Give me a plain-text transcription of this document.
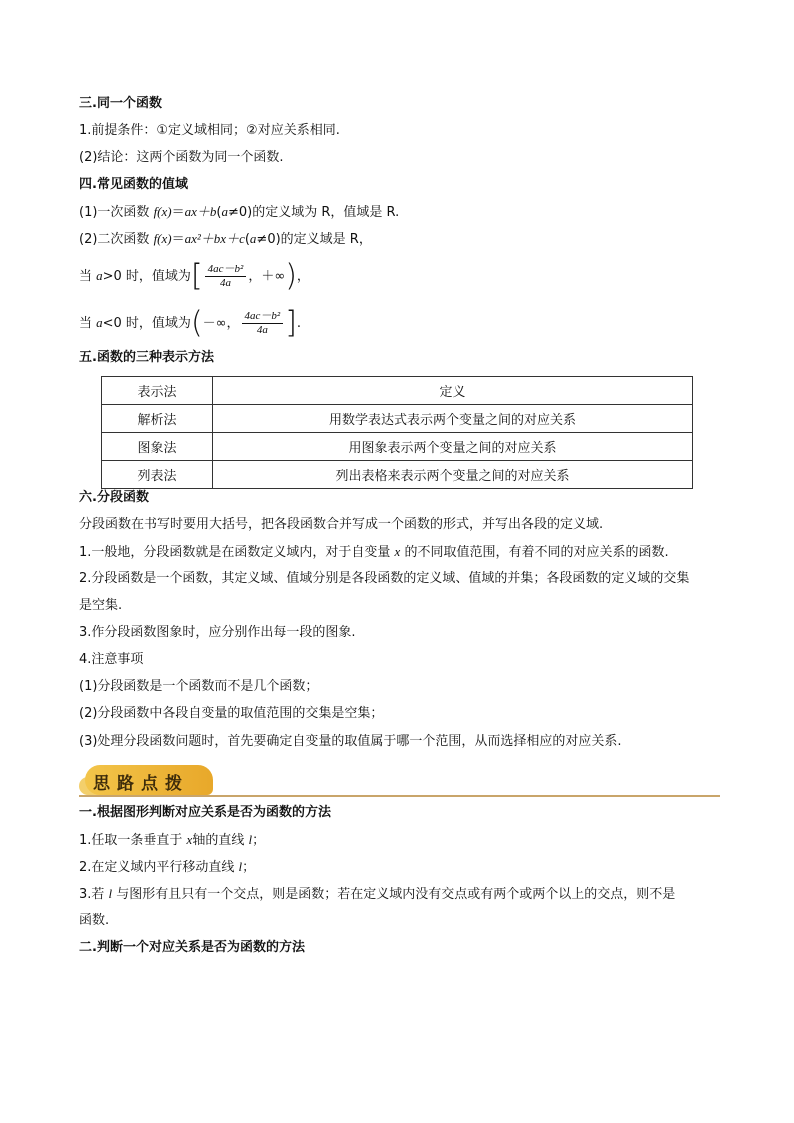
三.同一个函数
1.前提条件：①定义域相同；②对应关系相同.
(2)结论：这两个函数为同一个函数.
四.常见函数的值域
(1)一次函数 f(x)＝ax＋b(a≠0)的定义域为 R，值域是 R.
(2)二次函数 f(x)＝ax²＋bx＋c(a≠0)的定义域是 R，
当 a>0 时，值域为[ $\frac{\text{4ac－b²}}{4a}$ ，＋∞)，
当 a<0 时，值域为(－∞， $\frac{\text{4ac－b²}}{4a}$ ].
五.函数的三种表示方法
表示法	定义
解析法	用数学表达式表示两个变量之间的对应关系
图象法	用图象表示两个变量之间的对应关系
列表法	列出表格来表示两个变量之间的对应关系
六.分段函数
分段函数在书写时要用大括号，把各段函数合并写成一个函数的形式，并写出各段的定义域.
1.一般地，分段函数就是在函数定义域内，对于自变量 x 的不同取值范围，有着不同的对应关系的函数.
2.分段函数是一个函数，其定义域、值域分别是各段函数的定义域、值域的并集；各段函数的定义域的交集
是空集.
3.作分段函数图象时，应分别作出每一段的图象.
4.注意事项
(1)分段函数是一个函数而不是几个函数；
(2)分段函数中各段自变量的取值范围的交集是空集；
(3)处理分段函数问题时，首先要确定自变量的取值属于哪一个范围，从而选择相应的对应关系.
思路点拨
一.根据图形判断对应关系是否为函数的方法
1.任取一条垂直于 x轴的直线 l；
2.在定义域内平行移动直线 l；
3.若 l 与图形有且只有一个交点，则是函数；若在定义域内没有交点或有两个或两个以上的交点，则不是
函数.
二.判断一个对应关系是否为函数的方法
